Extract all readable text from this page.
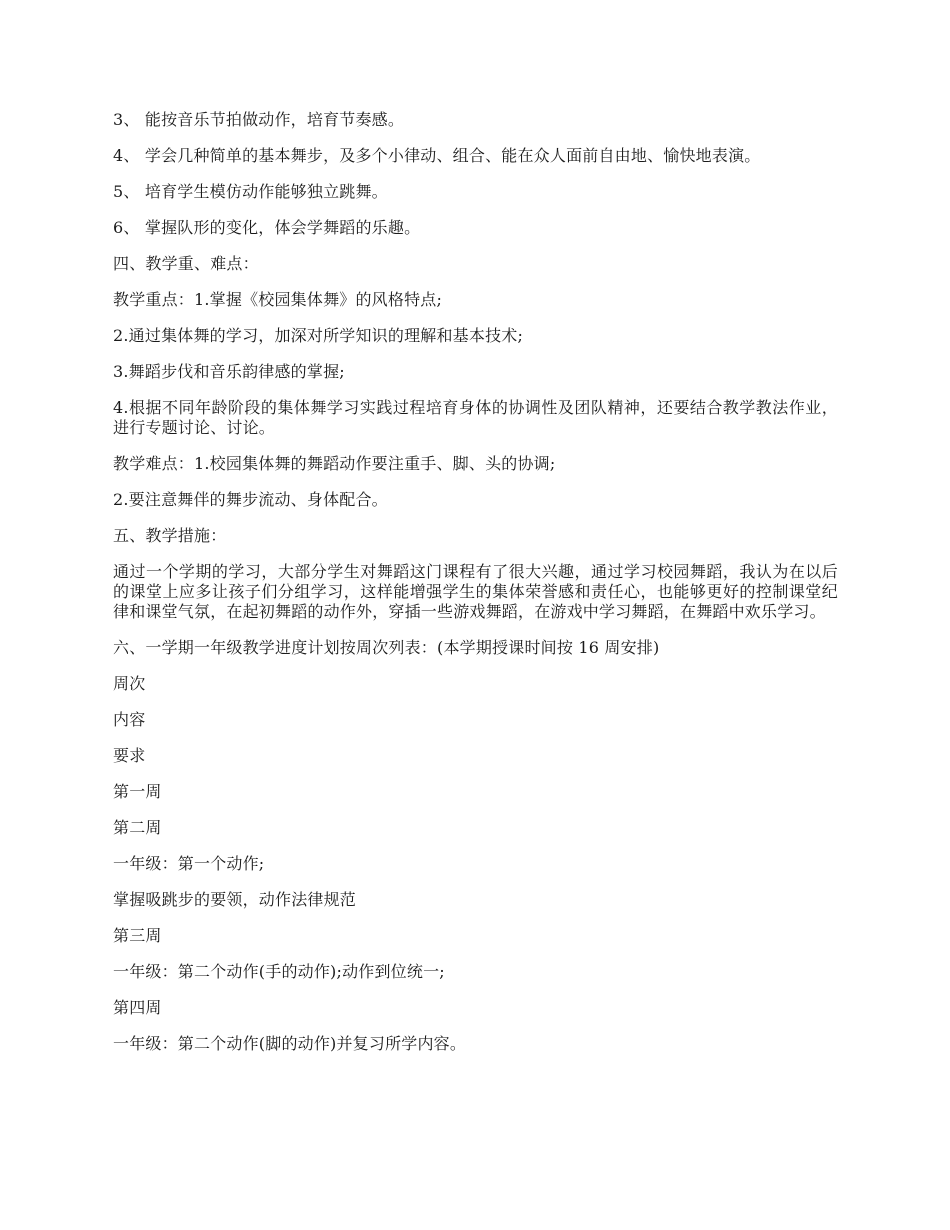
3、 能按音乐节拍做动作，培育节奏感。

4、 学会几种简单的基本舞步，及多个小律动、组合、能在众人面前自由地、愉快地表演。

5、 培育学生模仿动作能够独立跳舞。

6、 掌握队形的变化，体会学舞蹈的乐趣。

四、教学重、难点：

教学重点：1.掌握《校园集体舞》的风格特点;

2.通过集体舞的学习，加深对所学知识的理解和基本技术;

3.舞蹈步伐和音乐韵律感的掌握;

4.根据不同年龄阶段的集体舞学习实践过程培育身体的协调性及团队精神，还要结合教学教法作业，进行专题讨论、讨论。

教学难点：1.校园集体舞的舞蹈动作要注重手、脚、头的协调;

2.要注意舞伴的舞步流动、身体配合。

五、教学措施：

通过一个学期的学习，大部分学生对舞蹈这门课程有了很大兴趣，通过学习校园舞蹈，我认为在以后的课堂上应多让孩子们分组学习，这样能增强学生的集体荣誉感和责任心，也能够更好的控制课堂纪律和课堂气氛，在起初舞蹈的动作外，穿插一些游戏舞蹈，在游戏中学习舞蹈，在舞蹈中欢乐学习。

六、一学期一年级教学进度计划按周次列表：(本学期授课时间按 16 周安排)

周次

内容

要求

第一周

第二周

一年级：第一个动作;

掌握吸跳步的要领，动作法律规范

第三周

一年级：第二个动作(手的动作);动作到位统一;

第四周

一年级：第二个动作(脚的动作)并复习所学内容。
